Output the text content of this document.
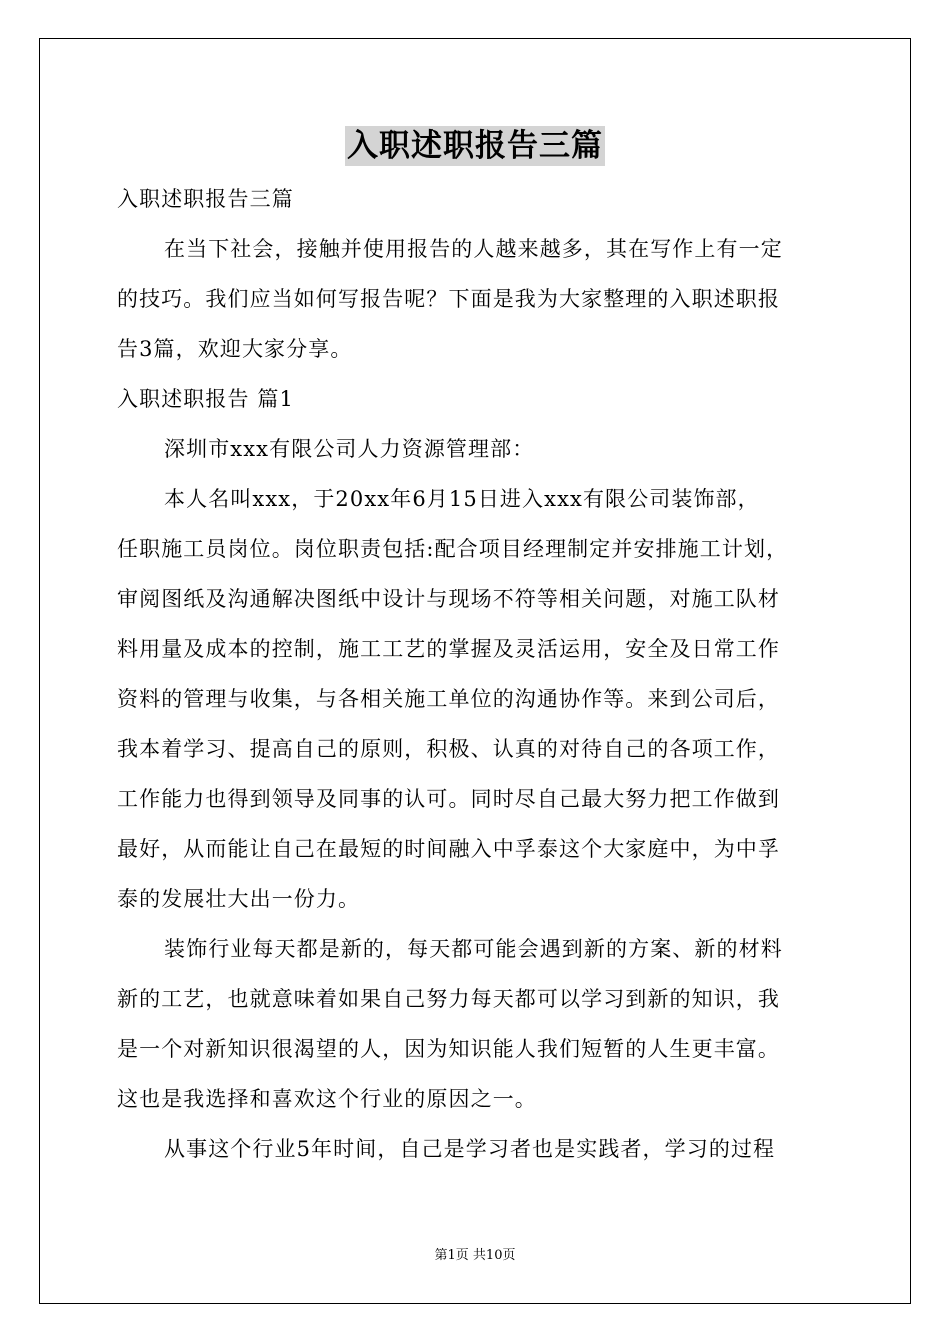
入职述职报告三篇
入职述职报告三篇
在当下社会，接触并使用报告的人越来越多，其在写作上有一定
的技巧。我们应当如何写报告呢？下面是我为大家整理的入职述职报
告3篇，欢迎大家分享。
入职述职报告 篇1
深圳市xxx有限公司人力资源管理部：
本人名叫xxx，于20xx年6月15日进入xxx有限公司装饰部，
任职施工员岗位。岗位职责包括:配合项目经理制定并安排施工计划，
审阅图纸及沟通解决图纸中设计与现场不符等相关问题，对施工队材
料用量及成本的控制，施工工艺的掌握及灵活运用，安全及日常工作
资料的管理与收集，与各相关施工单位的沟通协作等。来到公司后，
我本着学习、提高自己的原则，积极、认真的对待自己的各项工作，
工作能力也得到领导及同事的认可。同时尽自己最大努力把工作做到
最好，从而能让自己在最短的时间融入中孚泰这个大家庭中，为中孚
泰的发展壮大出一份力。
装饰行业每天都是新的，每天都可能会遇到新的方案、新的材料
新的工艺，也就意味着如果自己努力每天都可以学习到新的知识，我
是一个对新知识很渴望的人，因为知识能人我们短暂的人生更丰富。
这也是我选择和喜欢这个行业的原因之一。
从事这个行业5年时间，自己是学习者也是实践者，学习的过程
第1页 共10页
